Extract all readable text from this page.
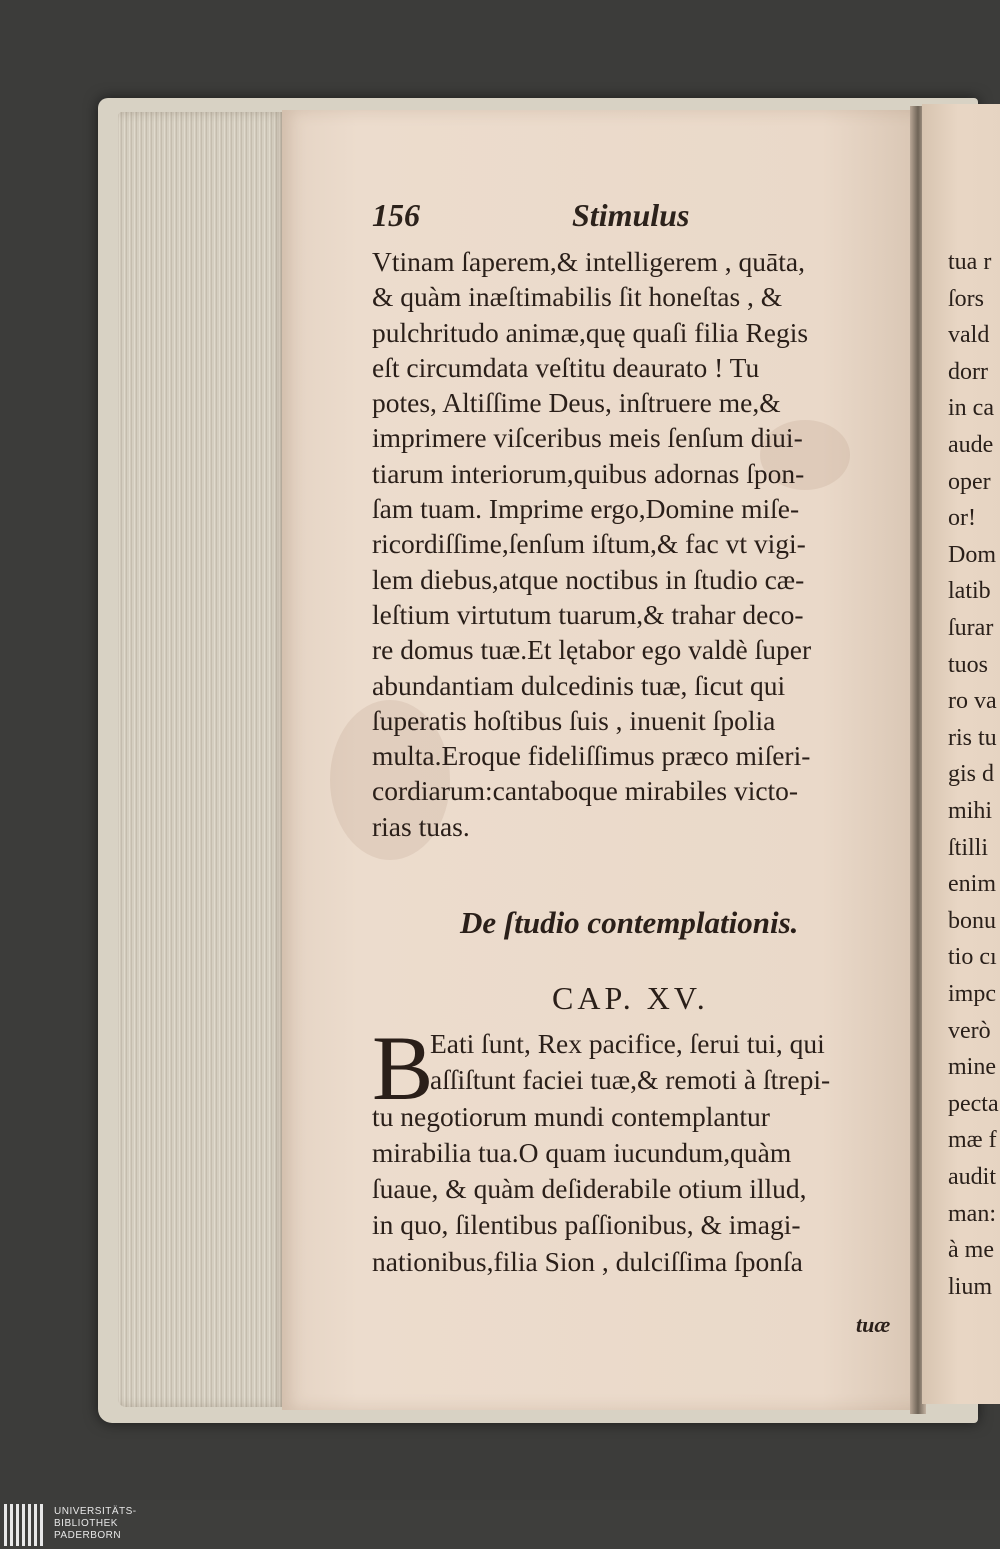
tua r
ſors
vald
dorr
in ca
aude
oper
or!
Dom
latib
ſurar
tuos
ro va
ris tu
gis d
mihi
ſtilli
enim
bonu
tio cı
impc
verò
mine
pecta
mæ f
audit
man:
à me
lium
156	Stimulus
Vtinam ſaperem,& intelligerem , quāta,
& quàm inæſtimabilis ſit honeſtas , &
pulchritudo animæ,quę quaſi filia Regis
eſt circumdata veſtitu deaurato ! Tu
potes, Altiſſime Deus, inſtruere me,&
imprimere viſceribus meis ſenſum diui-
tiarum interiorum,quibus adornas ſpon-
ſam tuam. Imprime ergo,Domine miſe-
ricordiſſime,ſenſum iſtum,& fac vt vigi-
lem diebus,atque noctibus in ſtudio cæ-
leſtium virtutum tuarum,& trahar deco-
re domus tuæ.Et lętabor ego valdè ſuper
abundantiam dulcedinis tuæ, ſicut qui
ſuperatis hoſtibus ſuis , inuenit ſpolia
multa.Eroque fideliſſimus præco miſeri-
cordiarum:cantaboque mirabiles victo-
rias tuas.
De ſtudio contemplationis.
CAP. XV.
B
Eati ſunt, Rex pacifice, ſerui tui, qui
aſſiſtunt faciei tuæ,& remoti à ſtrepi-
tu negotiorum mundi contemplantur
mirabilia tua.O quam iucundum,quàm
ſuaue, & quàm deſiderabile otium illud,
in quo, ſilentibus paſſionibus, & imagi-
nationibus,filia Sion , dulciſſima ſponſa
tuæ
UNIVERSITÄTS-
BIBLIOTHEK
PADERBORN
